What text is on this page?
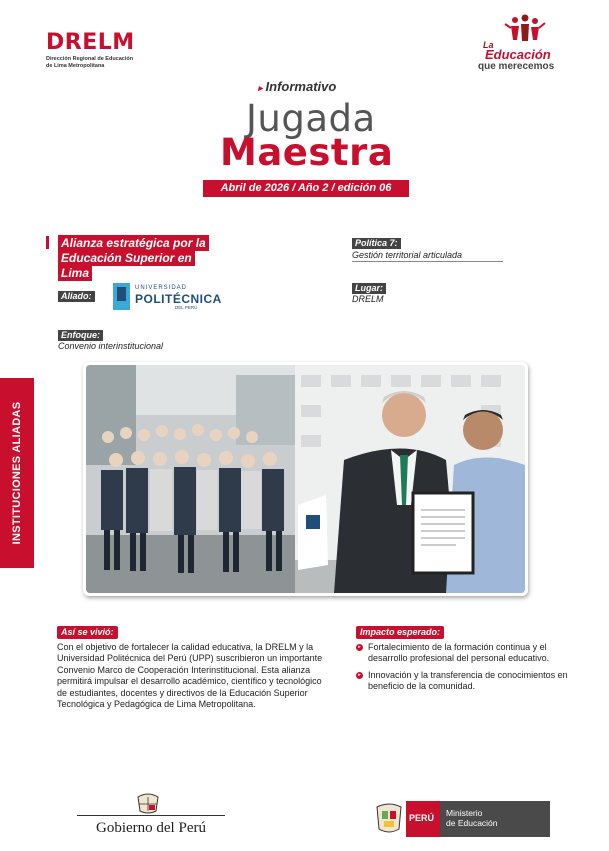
DRELM
Dirección Regional de Educación de Lima Metropolitana
La
Educación
que merecemos
▸ Informativo
Jugada
Maestra
Abril de 2026 / Año 2 / edición 06
Alianza estratégica por la Educación Superior en Lima
Aliado:
UNIVERSIDAD
POLITÉCNICA
DEL PERÚ
Enfoque:
Convenio interinstitucional
Política 7:
Gestión territorial articulada
Lugar:
DRELM
INSTITUCIONES ALIADAS
Así se vivió:
Con el objetivo de fortalecer la calidad educativa, la DRELM y la Universidad Politécnica del Perú (UPP) suscribieron un importante Convenio Marco de Cooperación Interinstitucional. Esta alianza permitirá impulsar el desarrollo académico, científico y tecnológico de estudiantes, docentes y directivos de la Educación Superior Tecnológica y Pedagógica de Lima Metropolitana.
Impacto esperado:
▸ Fortalecimiento de la formación continua y el desarrollo profesional del personal educativo.
▸ Innovación y la transferencia de conocimientos en beneficio de la comunidad.
Gobierno del Perú
PERÚ Ministerio
de Educación
